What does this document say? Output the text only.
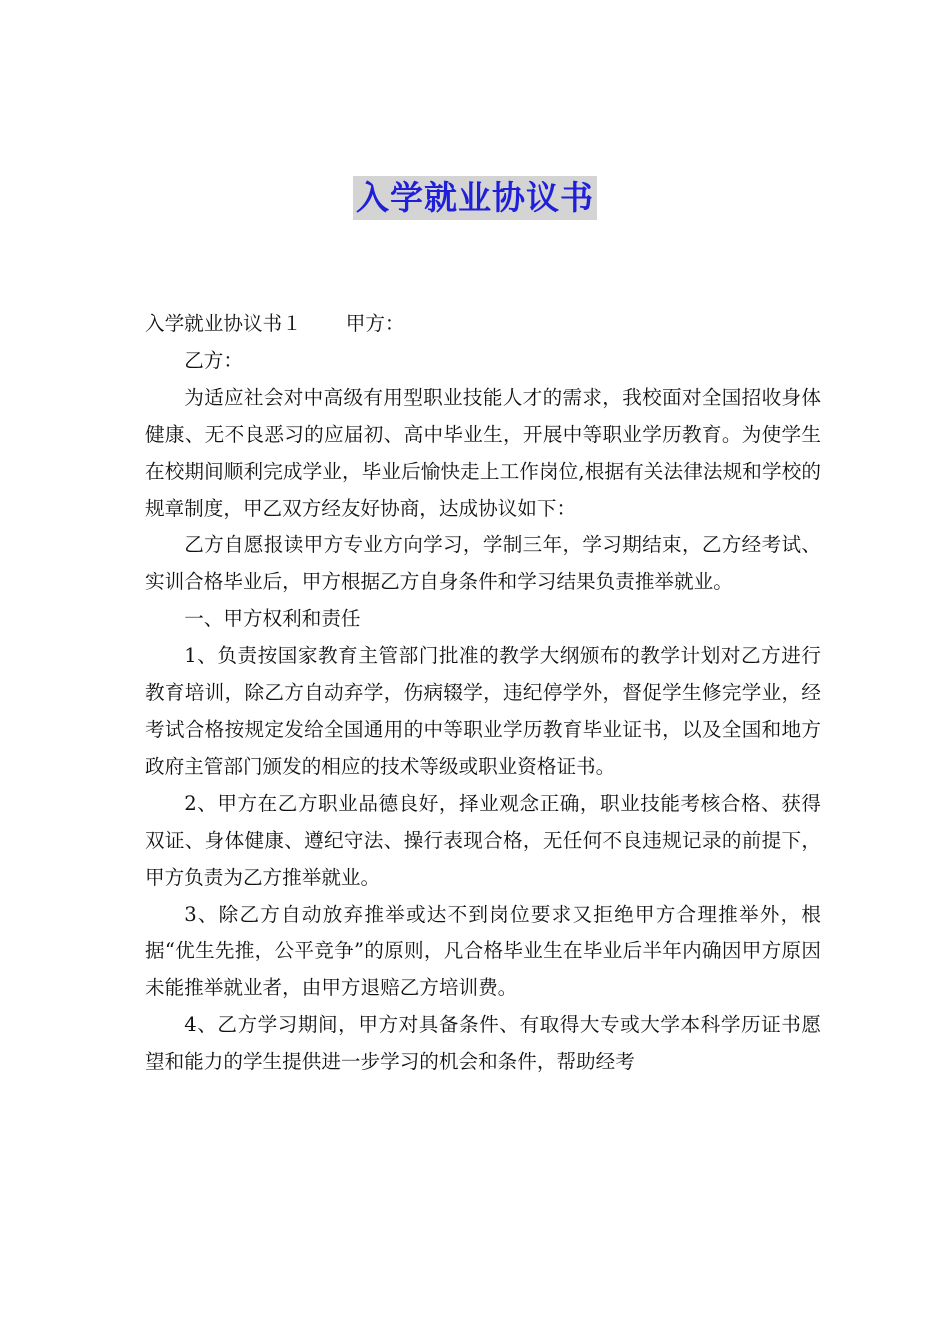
入学就业协议书

入学就业协议书１ 甲方：

乙方：

为适应社会对中高级有用型职业技能人才的需求，我校面对全国招收身体健康、无不良恶习的应届初、高中毕业生，开展中等职业学历教育。为使学生在校期间顺利完成学业，毕业后愉快走上工作岗位,根据有关法律法规和学校的规章制度，甲乙双方经友好协商，达成协议如下：

乙方自愿报读甲方专业方向学习，学制三年，学习期结束，乙方经考试、实训合格毕业后，甲方根据乙方自身条件和学习结果负责推举就业。

一、甲方权利和责任

1、负责按国家教育主管部门批准的教学大纲颁布的教学计划对乙方进行教育培训，除乙方自动弃学，伤病辍学，违纪停学外，督促学生修完学业，经考试合格按规定发给全国通用的中等职业学历教育毕业证书，以及全国和地方政府主管部门颁发的相应的技术等级或职业资格证书。

2、甲方在乙方职业品德良好，择业观念正确，职业技能考核合格、获得双证、身体健康、遵纪守法、操行表现合格，无任何不良违规记录的前提下，甲方负责为乙方推举就业。

3、除乙方自动放弃推举或达不到岗位要求又拒绝甲方合理推举外，根据“优生先推，公平竞争”的原则，凡合格毕业生在毕业后半年内确因甲方原因未能推举就业者，由甲方退赔乙方培训费。

4、乙方学习期间，甲方对具备条件、有取得大专或大学本科学历证书愿望和能力的学生提供进一步学习的机会和条件，帮助经考
